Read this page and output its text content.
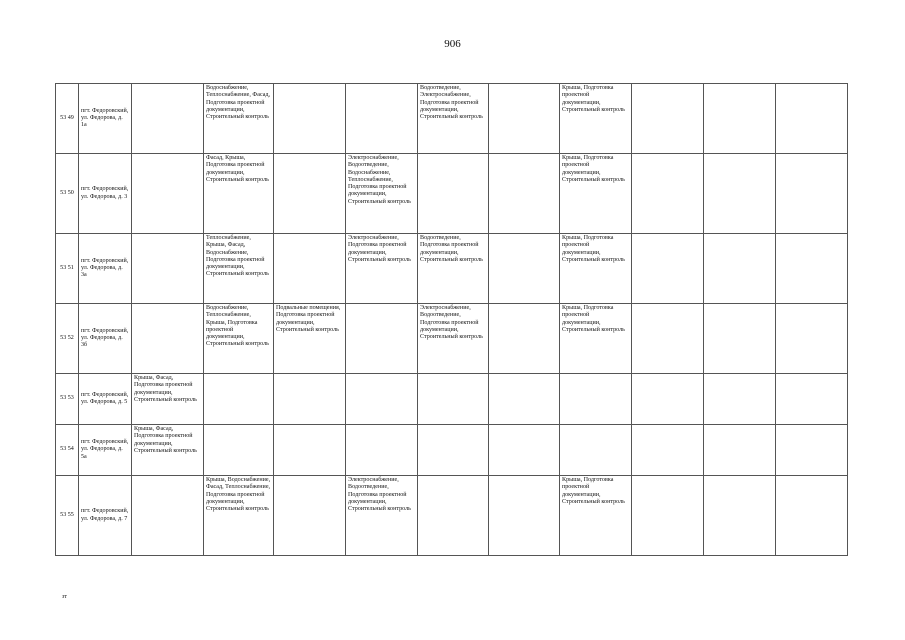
906
53 49	пгт. Федоровский, ул. Федорова, д. 1а		Водоснабжение, Теплоснабжение, Фасад, Подготовка проектной документации, Строительный контроль			Водоотведение, Электроснабжение, Подготовка проектной документации, Строительный контроль		Крыша, Подготовка проектной документации, Строительный контроль			
53 50	пгт. Федоровский, ул. Федорова, д. 3		Фасад, Крыша, Подготовка проектной документации, Строительный контроль		Электроснабжение, Водоотведение, Водоснабжение, Теплоснабжение, Подготовка проектной документации, Строительный контроль			Крыша, Подготовка проектной документации, Строительный контроль			
53 51	пгт. Федоровский, ул. Федорова, д. 3а		Теплоснабжение, Крыша, Фасад, Водоснабжение, Подготовка проектной документации, Строительный контроль		Электроснабжение, Подготовка проектной документации, Строительный контроль	Водоотведение, Подготовка проектной документации, Строительный контроль		Крыша, Подготовка проектной документации, Строительный контроль			
53 52	пгт. Федоровский, ул. Федорова, д. 3б		Водоснабжение, Теплоснабжение, Крыша, Подготовка проектной документации, Строительный контроль	Подвальные помещения, Подготовка проектной документации, Строительный контроль		Электроснабжение, Водоотведение, Подготовка проектной документации, Строительный контроль		Крыша, Подготовка проектной документации, Строительный контроль			
53 53	пгт. Федоровский, ул. Федорова, д. 5	Крыша, Фасад, Подготовка проектной документации, Строительный контроль									
53 54	пгт. Федоровский, ул. Федорова, д. 5а	Крыша, Фасад, Подготовка проектной документации, Строительный контроль									
53 55	пгт. Федоровский, ул. Федорова, д. 7		Крыша, Водоснабжение, Фасад, Теплоснабжение, Подготовка проектной документации, Строительный контроль		Электроснабжение, Водоотведение, Подготовка проектной документации, Строительный контроль			Крыша, Подготовка проектной документации, Строительный контроль			
зт
